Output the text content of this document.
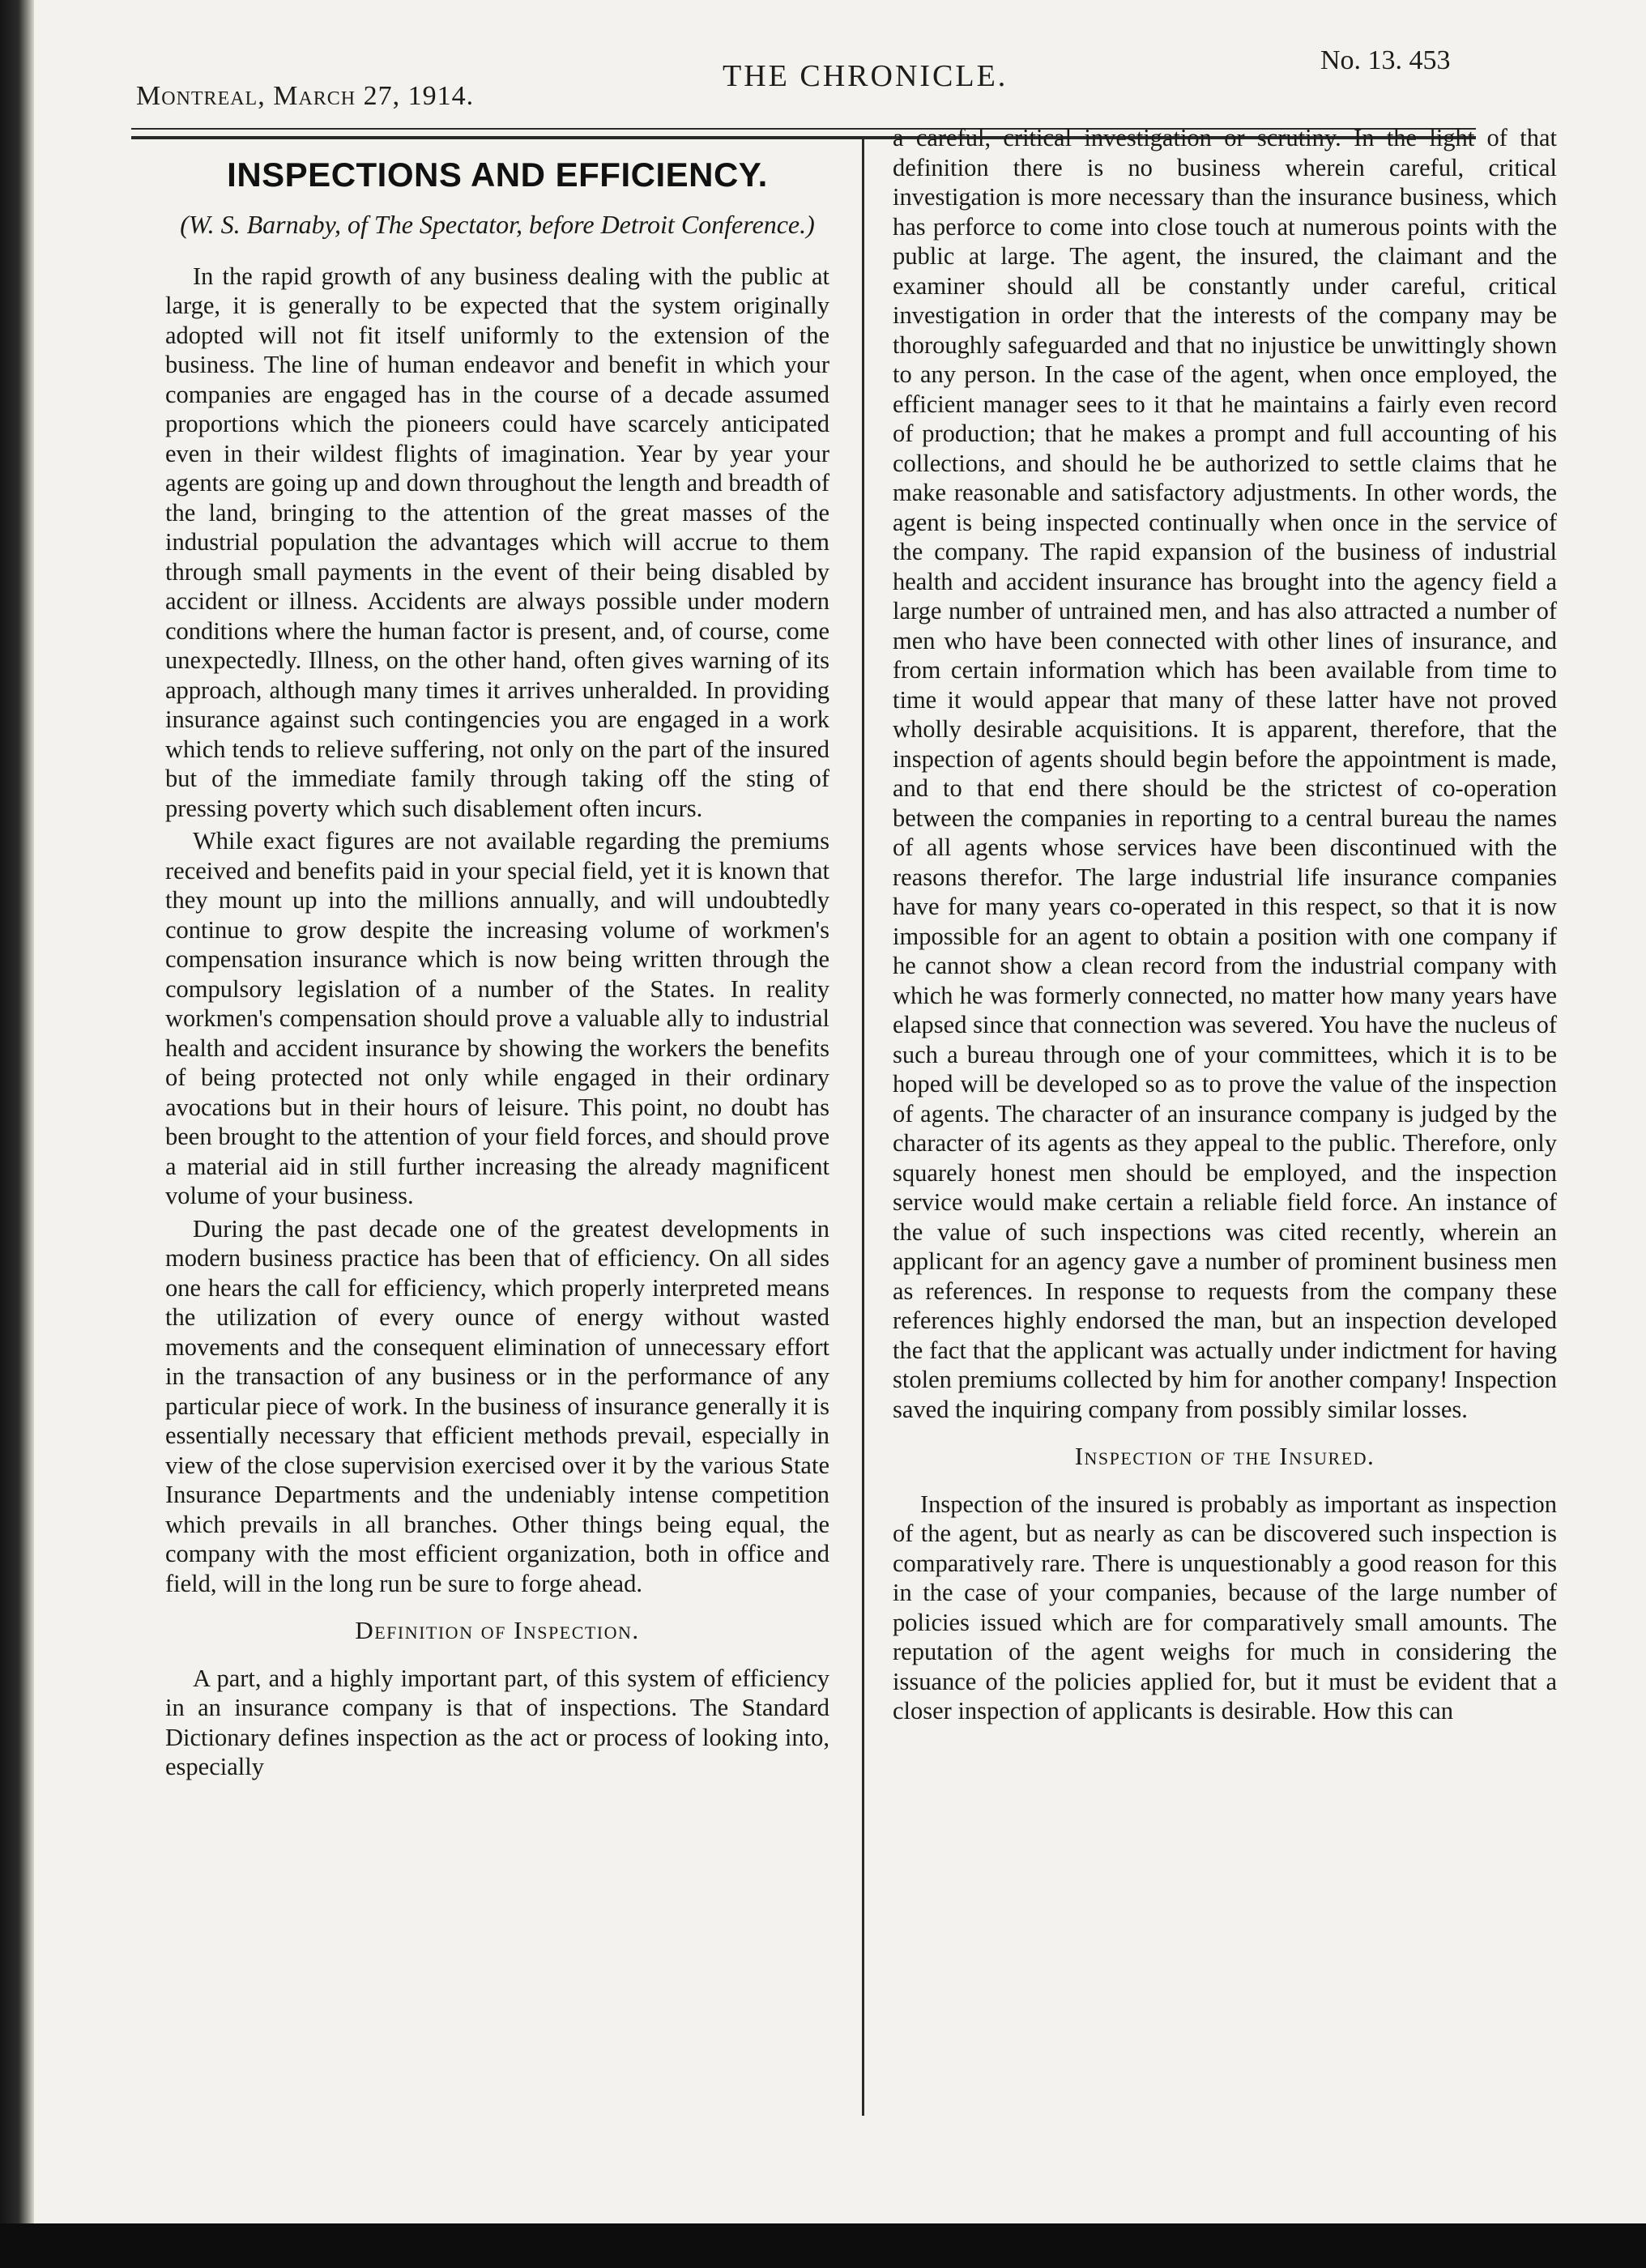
Montreal, March 27, 1914.
THE CHRONICLE.	No. 13. 453
INSPECTIONS AND EFFICIENCY.
(W. S. Barnaby, of The Spectator, before Detroit Conference.)

In the rapid growth of any business dealing with the public at large, it is generally to be expected that the system originally adopted will not fit itself uniformly to the extension of the business. The line of human endeavor and benefit in which your companies are engaged has in the course of a decade assumed proportions which the pioneers could have scarcely anticipated even in their wildest flights of imagination. Year by year your agents are going up and down throughout the length and breadth of the land, bringing to the attention of the great masses of the industrial population the advantages which will accrue to them through small payments in the event of their being disabled by accident or illness. Accidents are always possible under modern conditions where the human factor is present, and, of course, come unexpectedly. Illness, on the other hand, often gives warning of its approach, although many times it arrives unheralded. In providing insurance against such contingencies you are engaged in a work which tends to relieve suffering, not only on the part of the insured but of the immediate family through taking off the sting of pressing poverty which such disablement often incurs.

While exact figures are not available regarding the premiums received and benefits paid in your special field, yet it is known that they mount up into the millions annually, and will undoubtedly continue to grow despite the increasing volume of workmen's compensation insurance which is now being written through the compulsory legislation of a number of the States. In reality workmen's compensation should prove a valuable ally to industrial health and accident insurance by showing the workers the benefits of being protected not only while engaged in their ordinary avocations but in their hours of leisure. This point, no doubt has been brought to the attention of your field forces, and should prove a material aid in still further increasing the already magnificent volume of your business.

During the past decade one of the greatest developments in modern business practice has been that of efficiency. On all sides one hears the call for efficiency, which properly interpreted means the utilization of every ounce of energy without wasted movements and the consequent elimination of unnecessary effort in the transaction of any business or in the performance of any particular piece of work. In the business of insurance generally it is essentially necessary that efficient methods prevail, especially in view of the close supervision exercised over it by the various State Insurance Departments and the undeniably intense competition which prevails in all branches. Other things being equal, the company with the most efficient organization, both in office and field, will in the long run be sure to forge ahead.

Definition of Inspection.

A part, and a highly important part, of this system of efficiency in an insurance company is that of inspections. The Standard Dictionary defines inspection as the act or process of looking into, especially

a careful, critical investigation or scrutiny. In the light of that definition there is no business wherein careful, critical investigation is more necessary than the insurance business, which has perforce to come into close touch at numerous points with the public at large. The agent, the insured, the claimant and the examiner should all be constantly under careful, critical investigation in order that the interests of the company may be thoroughly safeguarded and that no injustice be unwittingly shown to any person. In the case of the agent, when once employed, the efficient manager sees to it that he maintains a fairly even record of production; that he makes a prompt and full accounting of his collections, and should he be authorized to settle claims that he make reasonable and satisfactory adjustments. In other words, the agent is being inspected continually when once in the service of the company. The rapid expansion of the business of industrial health and accident insurance has brought into the agency field a large number of untrained men, and has also attracted a number of men who have been connected with other lines of insurance, and from certain information which has been available from time to time it would appear that many of these latter have not proved wholly desirable acquisitions. It is apparent, therefore, that the inspection of agents should begin before the appointment is made, and to that end there should be the strictest of co-operation between the companies in reporting to a central bureau the names of all agents whose services have been discontinued with the reasons therefor. The large industrial life insurance companies have for many years co-operated in this respect, so that it is now impossible for an agent to obtain a position with one company if he cannot show a clean record from the industrial company with which he was formerly connected, no matter how many years have elapsed since that connection was severed. You have the nucleus of such a bureau through one of your committees, which it is to be hoped will be developed so as to prove the value of the inspection of agents. The character of an insurance company is judged by the character of its agents as they appeal to the public. Therefore, only squarely honest men should be employed, and the inspection service would make certain a reliable field force. An instance of the value of such inspections was cited recently, wherein an applicant for an agency gave a number of prominent business men as references. In response to requests from the company these references highly endorsed the man, but an inspection developed the fact that the applicant was actually under indictment for having stolen premiums collected by him for another company! Inspection saved the inquiring company from possibly similar losses.

Inspection of the Insured.

Inspection of the insured is probably as important as inspection of the agent, but as nearly as can be discovered such inspection is comparatively rare. There is unquestionably a good reason for this in the case of your companies, because of the large number of policies issued which are for comparatively small amounts. The reputation of the agent weighs for much in considering the issuance of the policies applied for, but it must be evident that a closer inspection of applicants is desirable. How this can
